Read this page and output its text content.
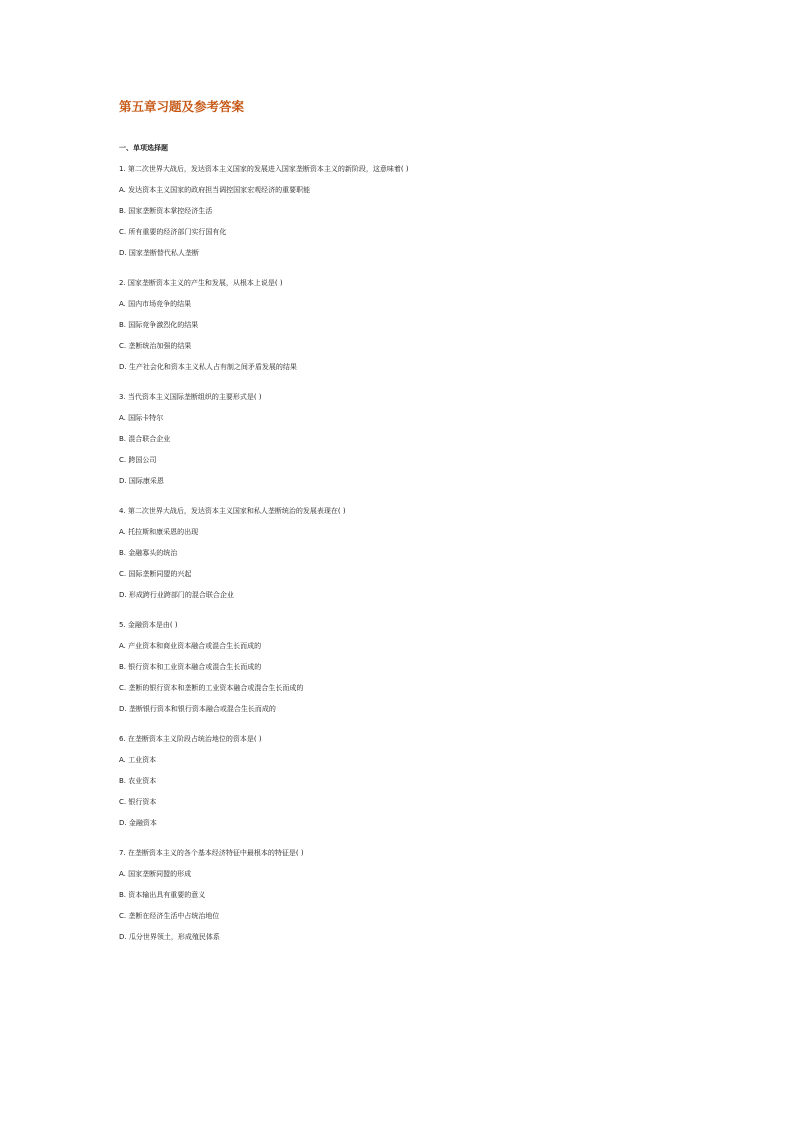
第五章习题及参考答案
一、单项选择题
1. 第二次世界大战后，发达资本主义国家的发展进入国家垄断资本主义的新阶段，这意味着( )
A. 发达资本主义国家的政府担当调控国家宏观经济的重要职能
B. 国家垄断资本掌控经济生活
C. 所有重要的经济部门实行国有化
D. 国家垄断替代私人垄断
2. 国家垄断资本主义的产生和发展，从根本上说是( )
A. 国内市场竞争的结果
B. 国际竞争激烈化的结果
C. 垄断统治加强的结果
D. 生产社会化和资本主义私人占有制之间矛盾发展的结果
3. 当代资本主义国际垄断组织的主要形式是( )
A. 国际卡特尔
B. 混合联合企业
C. 跨国公司
D. 国际康采恩
4. 第二次世界大战后，发达资本主义国家和私人垄断统治的发展表现在( )
A. 托拉斯和康采恩的出现
B. 金融寡头的统治
C. 国际垄断同盟的兴起
D. 形成跨行业跨部门的混合联合企业
5. 金融资本是由( )
A. 产业资本和商业资本融合或混合生长而成的
B. 银行资本和工业资本融合或混合生长而成的
C. 垄断的银行资本和垄断的工业资本融合或混合生长而成的
D. 垄断银行资本和银行资本融合或混合生长而成的
6. 在垄断资本主义阶段占统治地位的资本是( )
A. 工业资本
B. 农业资本
C. 银行资本
D. 金融资本
7. 在垄断资本主义的各个基本经济特征中最根本的特征是( )
A. 国家垄断同盟的形成
B. 资本输出具有重要的意义
C. 垄断在经济生活中占统治地位
D. 瓜分世界领土，形成殖民体系
